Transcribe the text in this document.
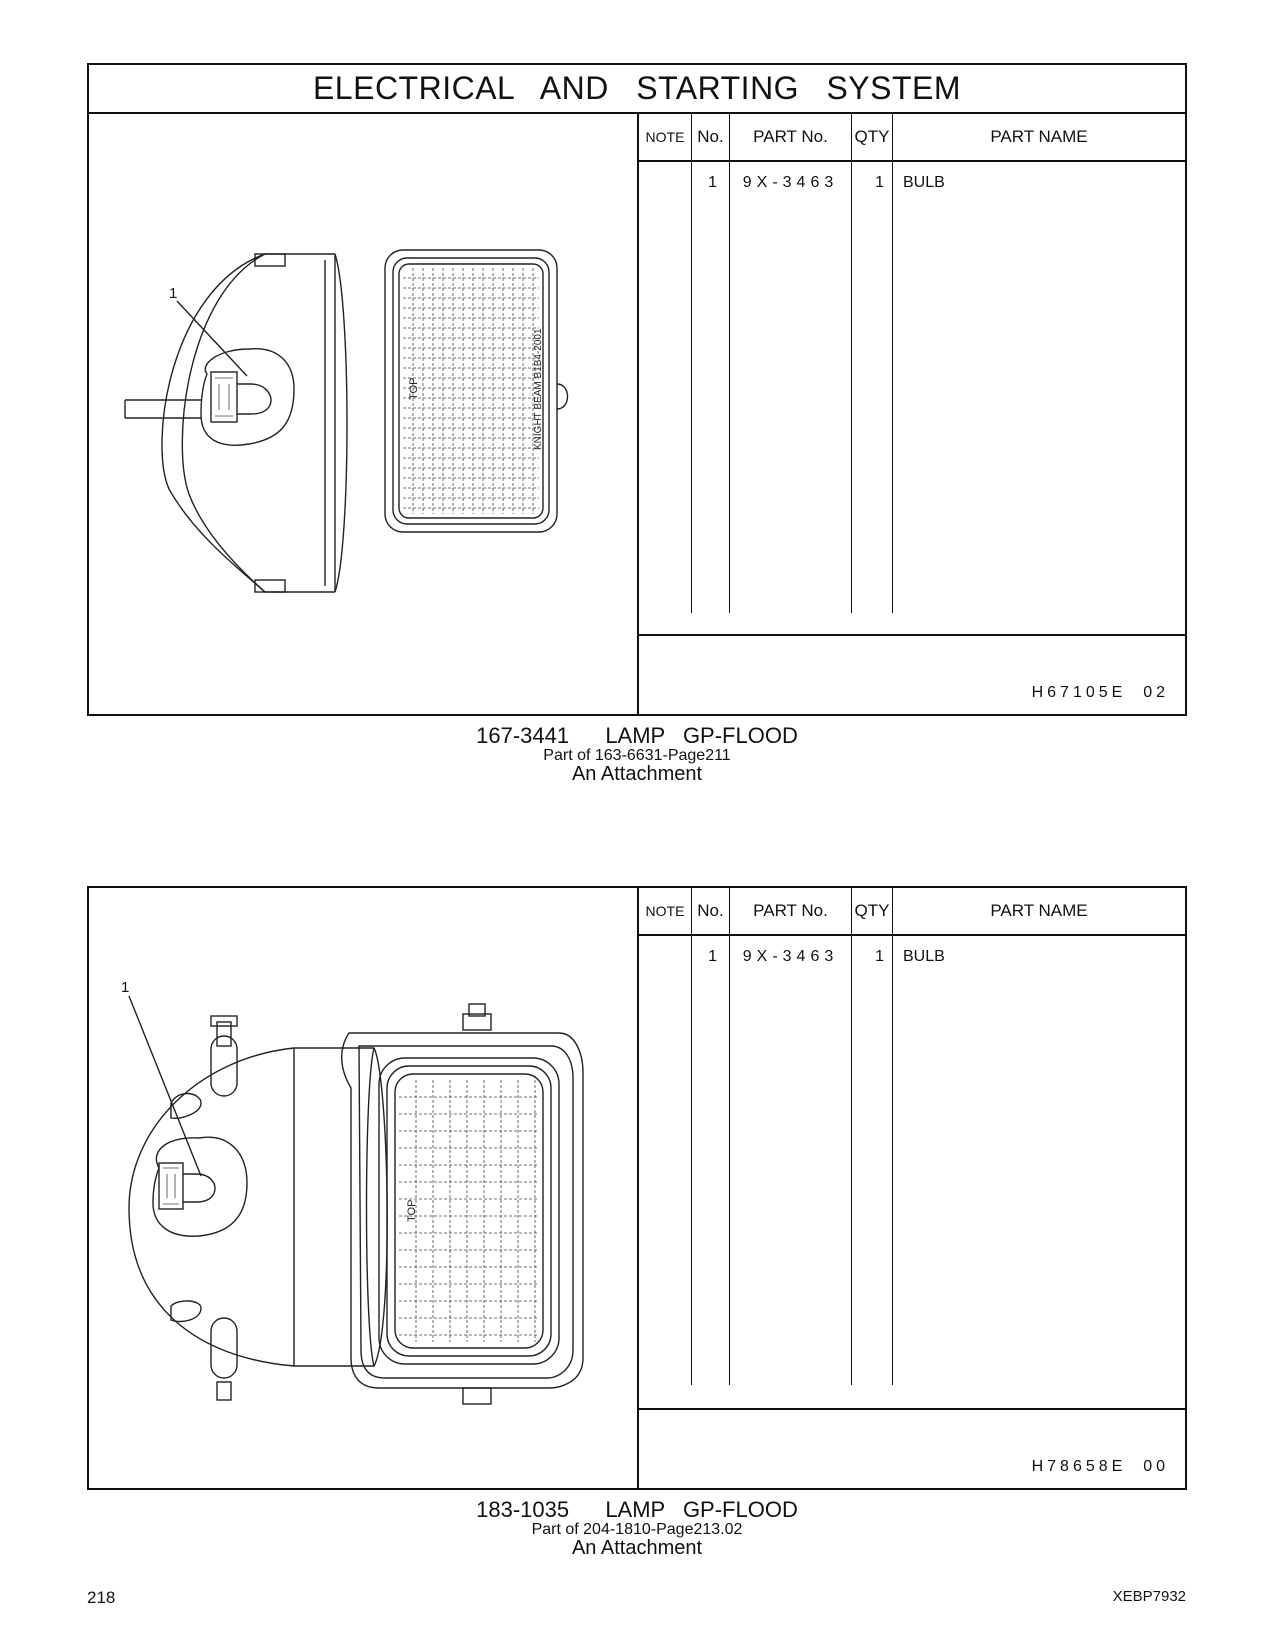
ELECTRICAL AND STARTING SYSTEM
1
TOP	KNIGHT BEAM B1B4-2001
NOTE	No.	PART No.	QTY	PART NAME
	1	9X-3463	1	BULB
H67105E  02
167-3441  LAMP GP-FLOOD
Part of 163-6631-Page211
An Attachment
1
TOP
NOTE	No.	PART No.	QTY	PART NAME
	1	9X-3463	1	BULB
H78658E  00
183-1035  LAMP GP-FLOOD
Part of 204-1810-Page213.02
An Attachment
218	XEBP7932
